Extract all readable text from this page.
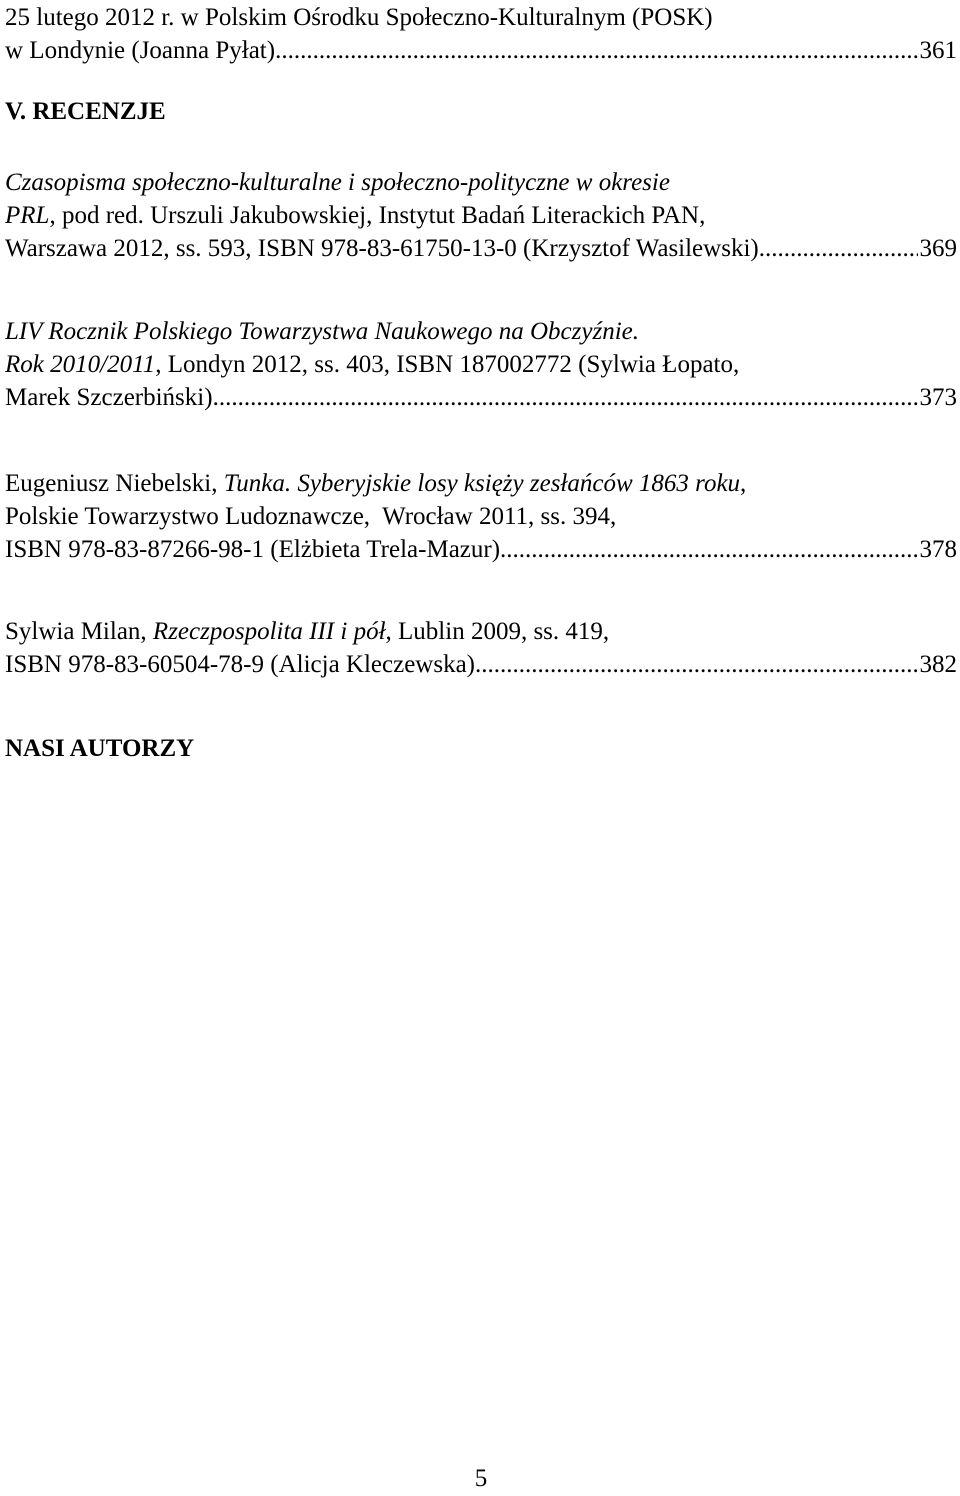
25 lutego 2012 r. w Polskim Ośrodku Społeczno-Kulturalnym (POSK)
w Londynie (Joanna Pyłat) .....	361
V. RECENZJE
Czasopisma społeczno-kulturalne i społeczno-polityczne w okresie
PRL, pod red. Urszuli Jakubowskiej, Instytut Badań Literackich PAN,
Warszawa 2012, ss. 593, ISBN 978-83-61750-13-0 (Krzysztof Wasilewski) .....	369
LIV Rocznik Polskiego Towarzystwa Naukowego na Obczyźnie.
Rok 2010/2011, Londyn 2012, ss. 403, ISBN 187002772 (Sylwia Łopato,
Marek Szczerbiński) .....	373
Eugeniusz Niebelski, Tunka. Syberyjskie losy księży zesłańców 1863 roku,
Polskie Towarzystwo Ludoznawcze,  Wrocław 2011, ss. 394,
ISBN 978-83-87266-98-1 (Elżbieta Trela-Mazur) .....	378
Sylwia Milan, Rzeczpospolita III i pół, Lublin 2009, ss. 419,
ISBN 978-83-60504-78-9 (Alicja Kleczewska) .....	382
NASI AUTORZY
5
